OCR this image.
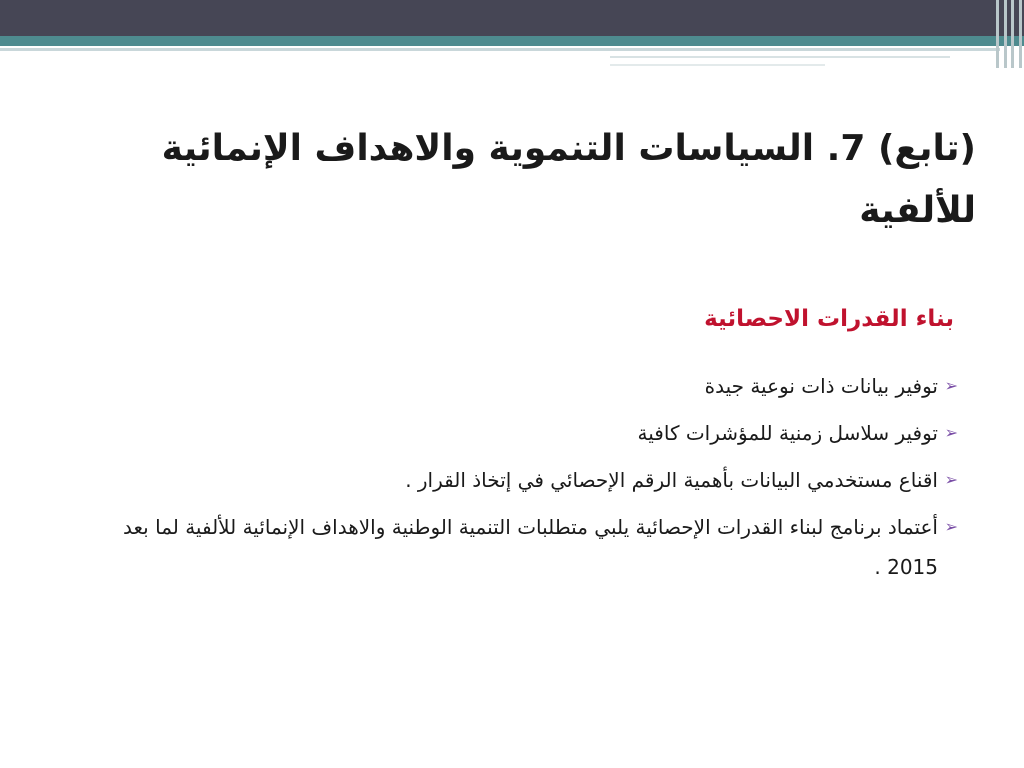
(تابع) 7. السياسات التنموية والاهداف الإنمائية للألفية
بناء القدرات الاحصائية
➢
توفير بيانات ذات نوعية جيدة
➢
توفير سلاسل زمنية للمؤشرات كافية
➢
اقناع مستخدمي البيانات بأهمية الرقم الإحصائي في إتخاذ القرار .
➢
أعتماد برنامج لبناء القدرات الإحصائية يلبي متطلبات التنمية الوطنية والاهداف الإنمائية للألفية لما بعد 2015 .
